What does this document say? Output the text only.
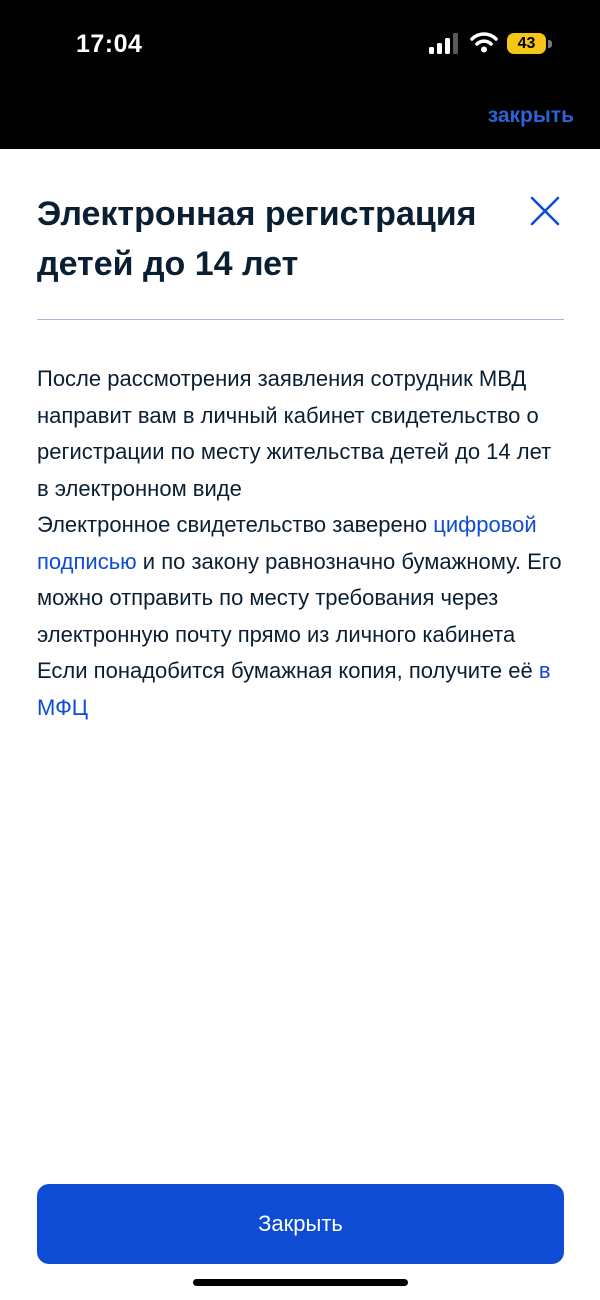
17:04	43
закрыть
Электронная регистрация детей до 14 лет

После рассмотрения заявления сотрудник МВД направит вам в личный кабинет свидетельство о регистрации по месту жительства детей до 14 лет в электронном виде

Электронное свидетельство заверено цифровой подписью и по закону равнозначно бумажному. Его можно отправить по месту требования через электронную почту прямо из личного кабинета

Если понадобится бумажная копия, получите её в МФЦ

Закрыть
